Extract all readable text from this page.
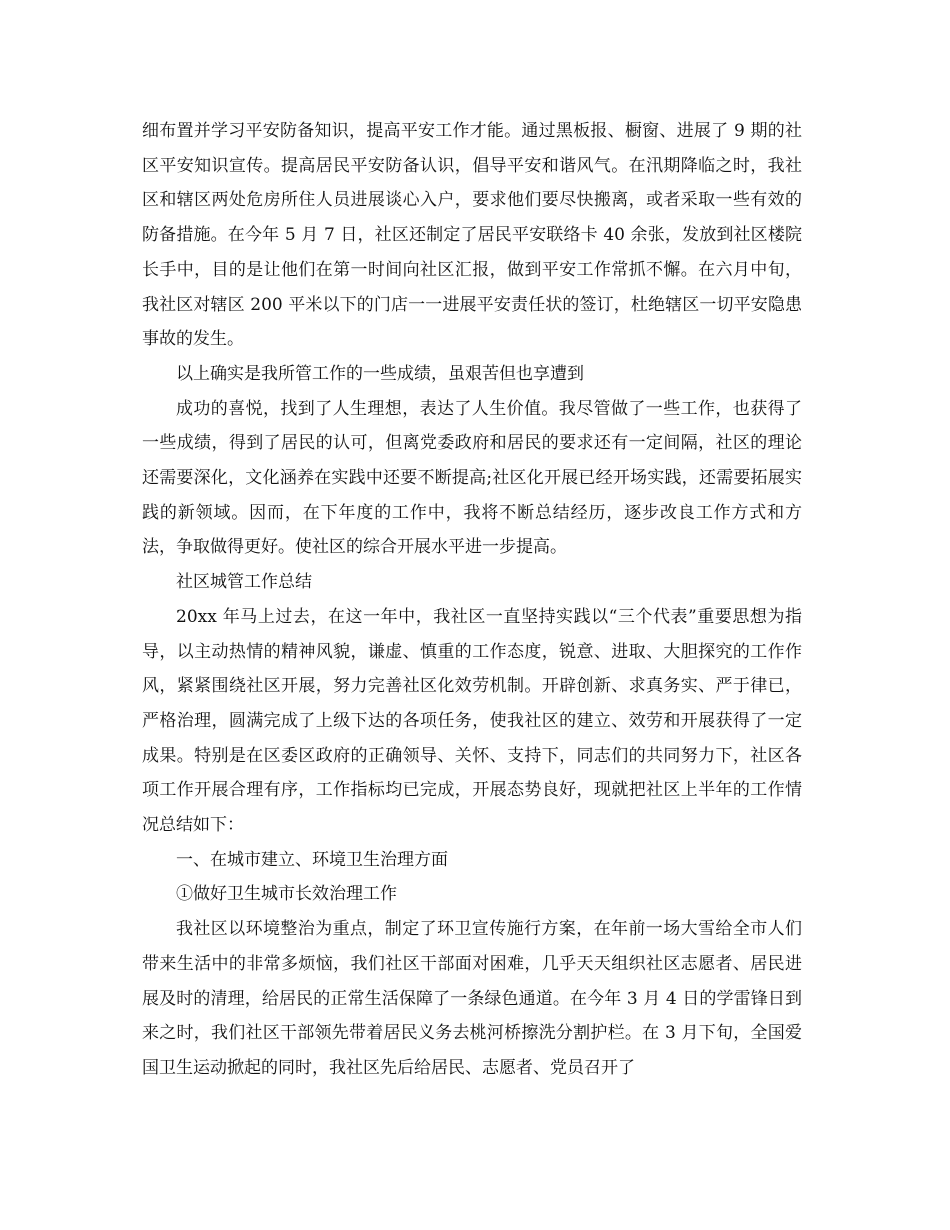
细布置并学习平安防备知识，提高平安工作才能。通过黑板报、橱窗、进展了 9 期的社区平安知识宣传。提高居民平安防备认识，倡导平安和谐风气。在汛期降临之时，我社区和辖区两处危房所住人员进展谈心入户，要求他们要尽快搬离，或者采取一些有效的防备措施。在今年 5 月 7 日，社区还制定了居民平安联络卡 40 余张，发放到社区楼院长手中，目的是让他们在第一时间向社区汇报，做到平安工作常抓不懈。在六月中旬，我社区对辖区 200 平米以下的门店一一进展平安责任状的签订，杜绝辖区一切平安隐患事故的发生。

以上确实是我所管工作的一些成绩，虽艰苦但也享遭到

成功的喜悦，找到了人生理想，表达了人生价值。我尽管做了一些工作，也获得了一些成绩，得到了居民的认可，但离党委政府和居民的要求还有一定间隔，社区的理论还需要深化，文化涵养在实践中还要不断提高;社区化开展已经开场实践，还需要拓展实践的新领域。因而，在下年度的工作中，我将不断总结经历，逐步改良工作方式和方法，争取做得更好。使社区的综合开展水平进一步提高。

社区城管工作总结

20xx 年马上过去，在这一年中，我社区一直坚持实践以“三个代表”重要思想为指导，以主动热情的精神风貌，谦虚、慎重的工作态度，锐意、进取、大胆探究的工作作风，紧紧围绕社区开展，努力完善社区化效劳机制。开辟创新、求真务实、严于律已，严格治理，圆满完成了上级下达的各项任务，使我社区的建立、效劳和开展获得了一定成果。特别是在区委区政府的正确领导、关怀、支持下，同志们的共同努力下，社区各项工作开展合理有序，工作指标均已完成，开展态势良好，现就把社区上半年的工作情况总结如下：

一、在城市建立、环境卫生治理方面

①做好卫生城市长效治理工作

我社区以环境整治为重点，制定了环卫宣传施行方案，在年前一场大雪给全市人们带来生活中的非常多烦恼，我们社区干部面对困难，几乎天天组织社区志愿者、居民进展及时的清理，给居民的正常生活保障了一条绿色通道。在今年 3 月 4 日的学雷锋日到来之时，我们社区干部领先带着居民义务去桃河桥擦洗分割护栏。在 3 月下旬，全国爱国卫生运动掀起的同时，我社区先后给居民、志愿者、党员召开了
